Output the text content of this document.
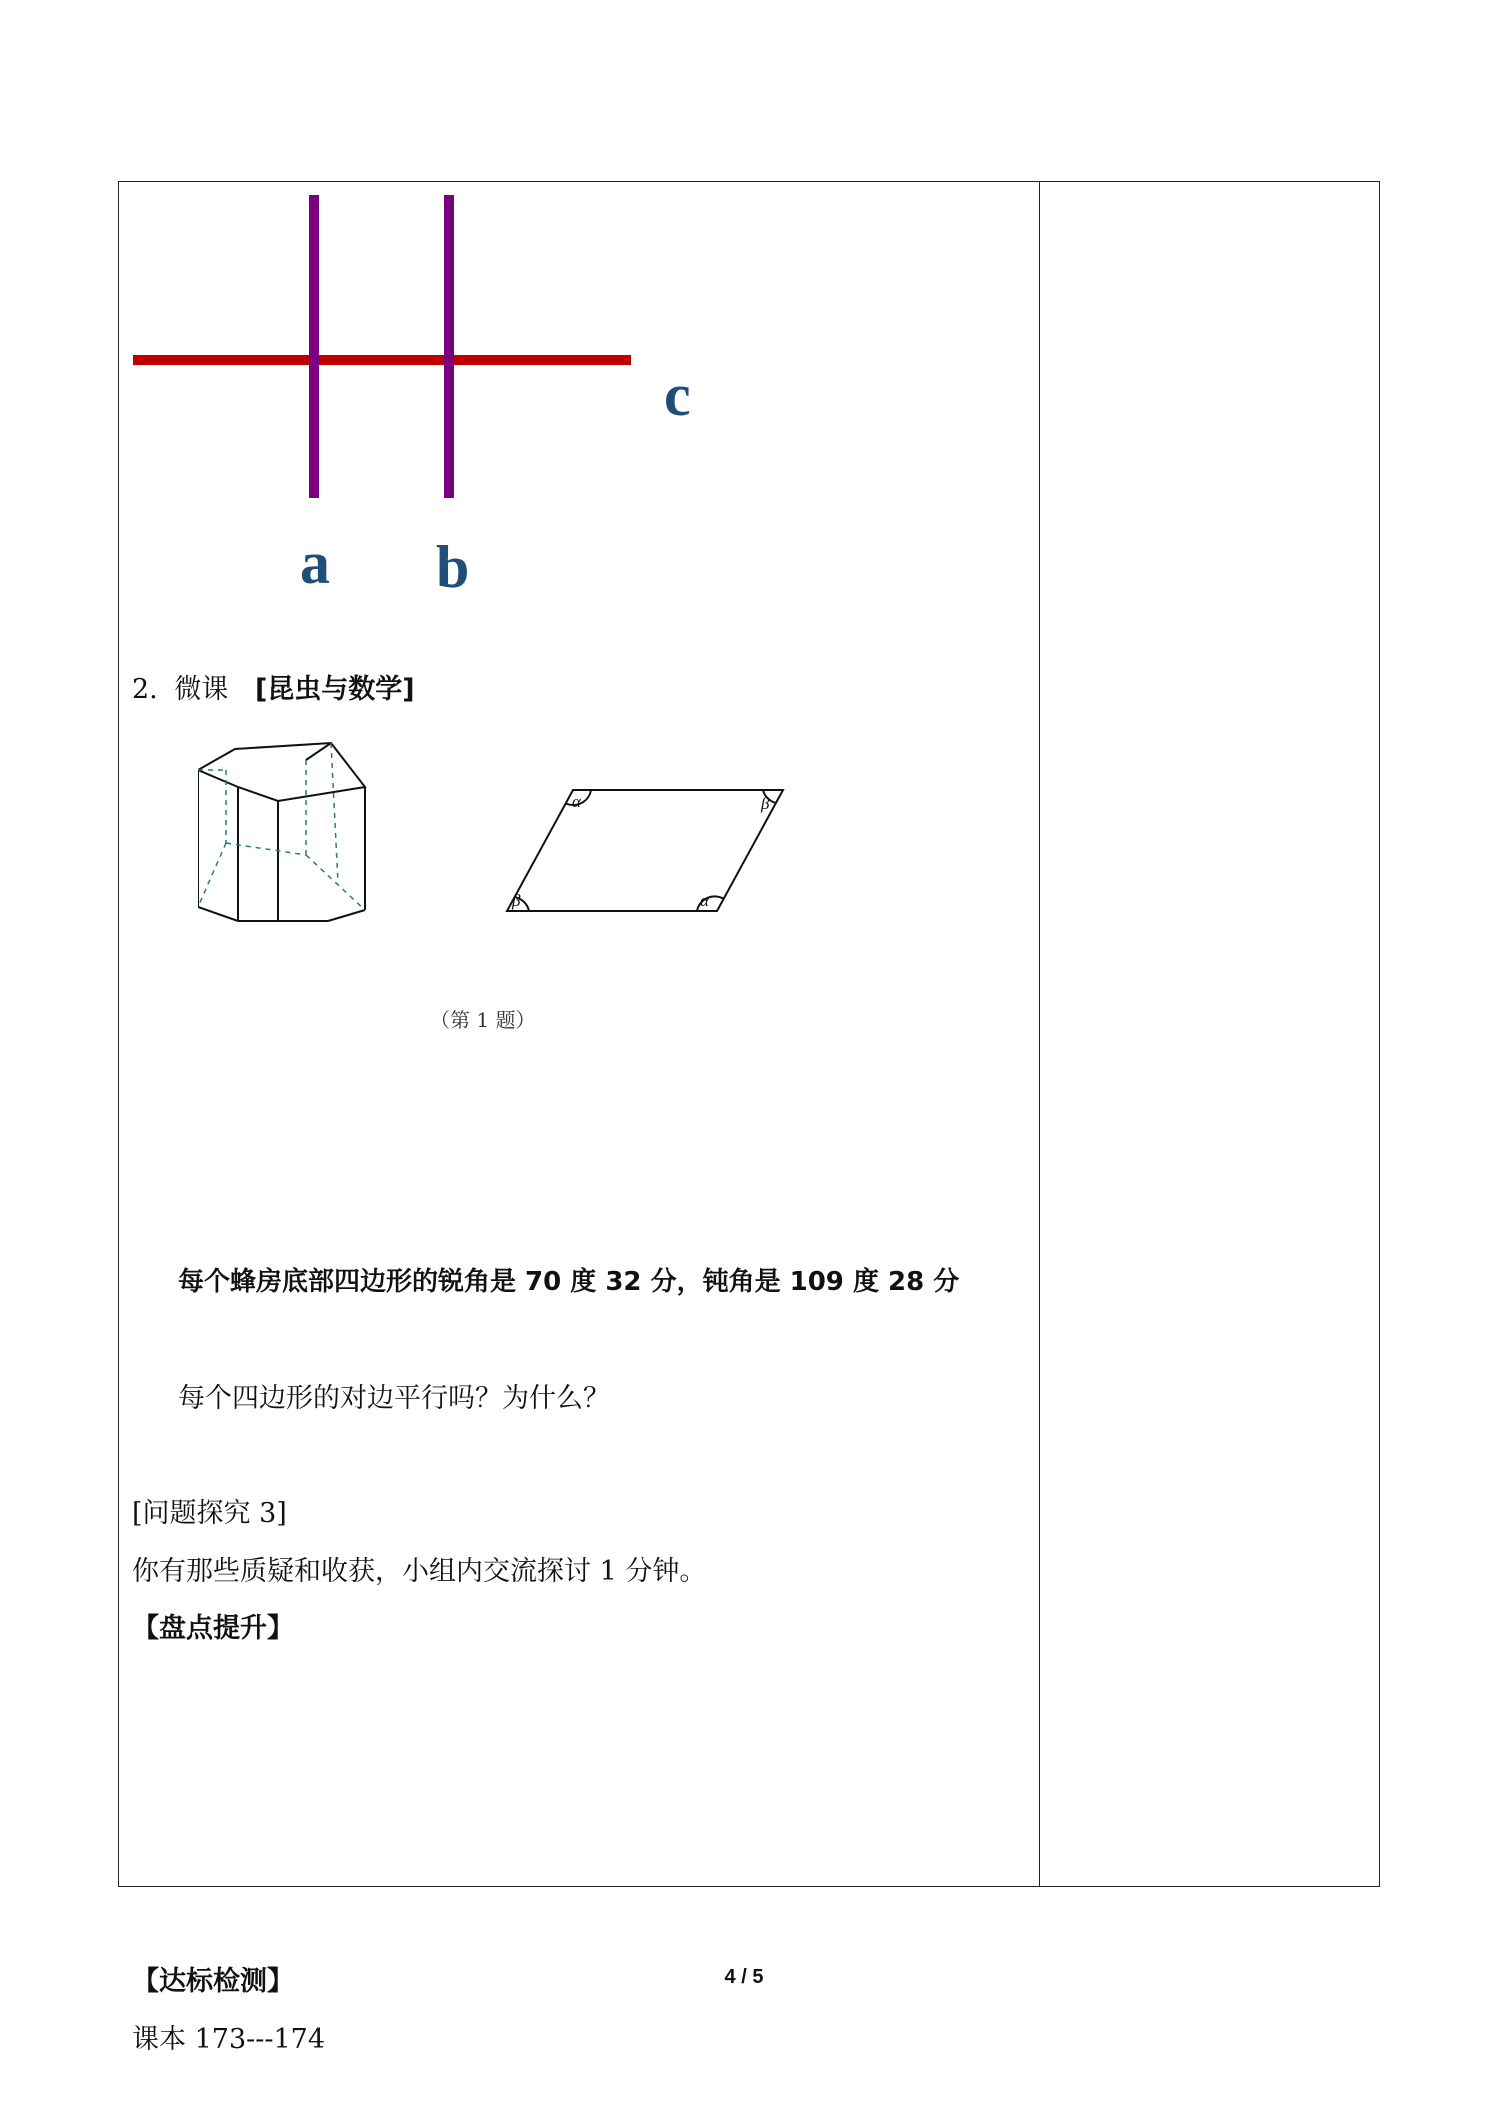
a b
c
2. 微课 [昆虫与数学]
α	β
β	α
（第 1 题）
每个蜂房底部四边形的锐角是 70 度 32 分，钝角是 109 度 28 分
每个四边形的对边平行吗？为什么？
[问题探究 3]
你有那些质疑和收获，小组内交流探讨 1 分钟。
【盘点提升】
【达标检测】
课本 173---174
4 / 5
